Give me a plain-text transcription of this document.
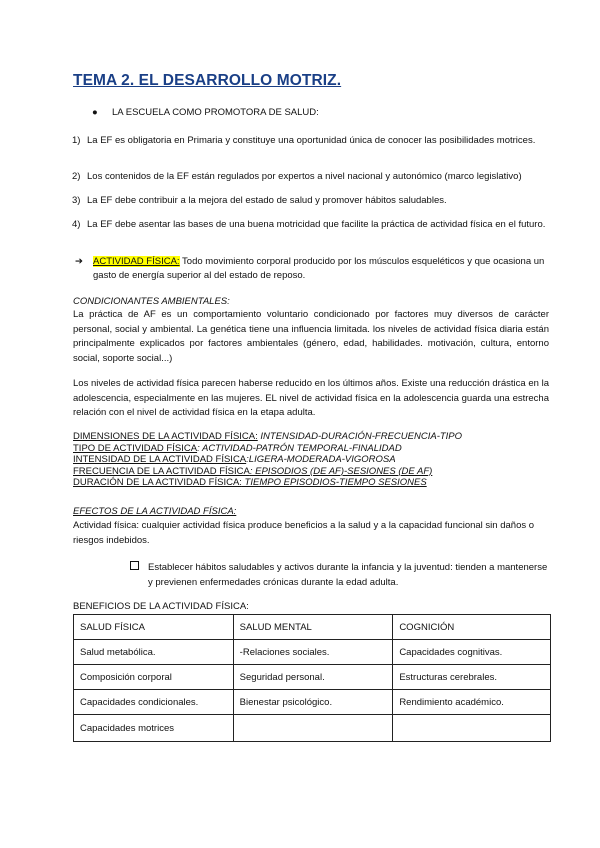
TEMA 2. EL DESARROLLO MOTRIZ.
● LA ESCUELA COMO PROMOTORA DE SALUD:
1) La EF es obligatoria en Primaria y constituye una oportunidad única de conocer las posibilidades motrices.
2) Los contenidos de la EF están regulados por expertos a nivel nacional y autonómico (marco legislativo)
3) La EF debe contribuir a la mejora del estado de salud y promover hábitos saludables.
4) La EF debe asentar las bases de una buena motricidad que facilite la práctica de actividad física en el futuro.
➔ ACTIVIDAD FÍSICA: Todo movimiento corporal producido por los músculos esqueléticos y que ocasiona un gasto de energía superior al del estado de reposo.
CONDICIONANTES AMBIENTALES:
La práctica de AF es un comportamiento voluntario condicionado por factores muy diversos de carácter personal, social y ambiental. La genética tiene una influencia limitada. los niveles de actividad física diaria están principalmente explicados por factores ambientales (género, edad, habilidades. motivación, cultura, entorno social, soporte social...)
Los niveles de actividad física parecen haberse reducido en los últimos años. Existe una reducción drástica en la adolescencia, especialmente en las mujeres. EL nivel de actividad física en la adolescencia guarda una estrecha relación con el nivel de actividad física en la etapa adulta.
DIMENSIONES DE LA ACTIVIDAD FÍSICA: INTENSIDAD-DURACIÓN-FRECUENCIA-TIPO
TIPO DE ACTIVIDAD FÍSICA: ACTIVIDAD-PATRÓN TEMPORAL-FINALIDAD
INTENSIDAD DE LA ACTIVIDAD FÍSICA:LIGERA-MODERADA-VIGOROSA
FRECUENCIA DE LA ACTIVIDAD FÍSICA: EPISODIOS (DE AF)-SESIONES (DE AF)
DURACIÓN DE LA ACTIVIDAD FÍSICA: TIEMPO EPISODIOS-TIEMPO SESIONES
EFECTOS DE LA ACTIVIDAD FÍSICA:
Actividad física: cualquier actividad física produce beneficios a la salud y a la capacidad funcional sin daños o riesgos indebidos.
Establecer hábitos saludables y activos durante la infancia y la juventud: tienden a mantenerse y previenen enfermedades crónicas durante la edad adulta.
BENEFICIOS DE LA ACTIVIDAD FÍSICA:
SALUD FÍSICA	SALUD MENTAL	COGNICIÓN
Salud metabólica.	-Relaciones sociales.	Capacidades cognitivas.
Composición corporal	Seguridad personal.	Estructuras cerebrales.
Capacidades condicionales.	Bienestar psicológico.	Rendimiento académico.
Capacidades motrices		
